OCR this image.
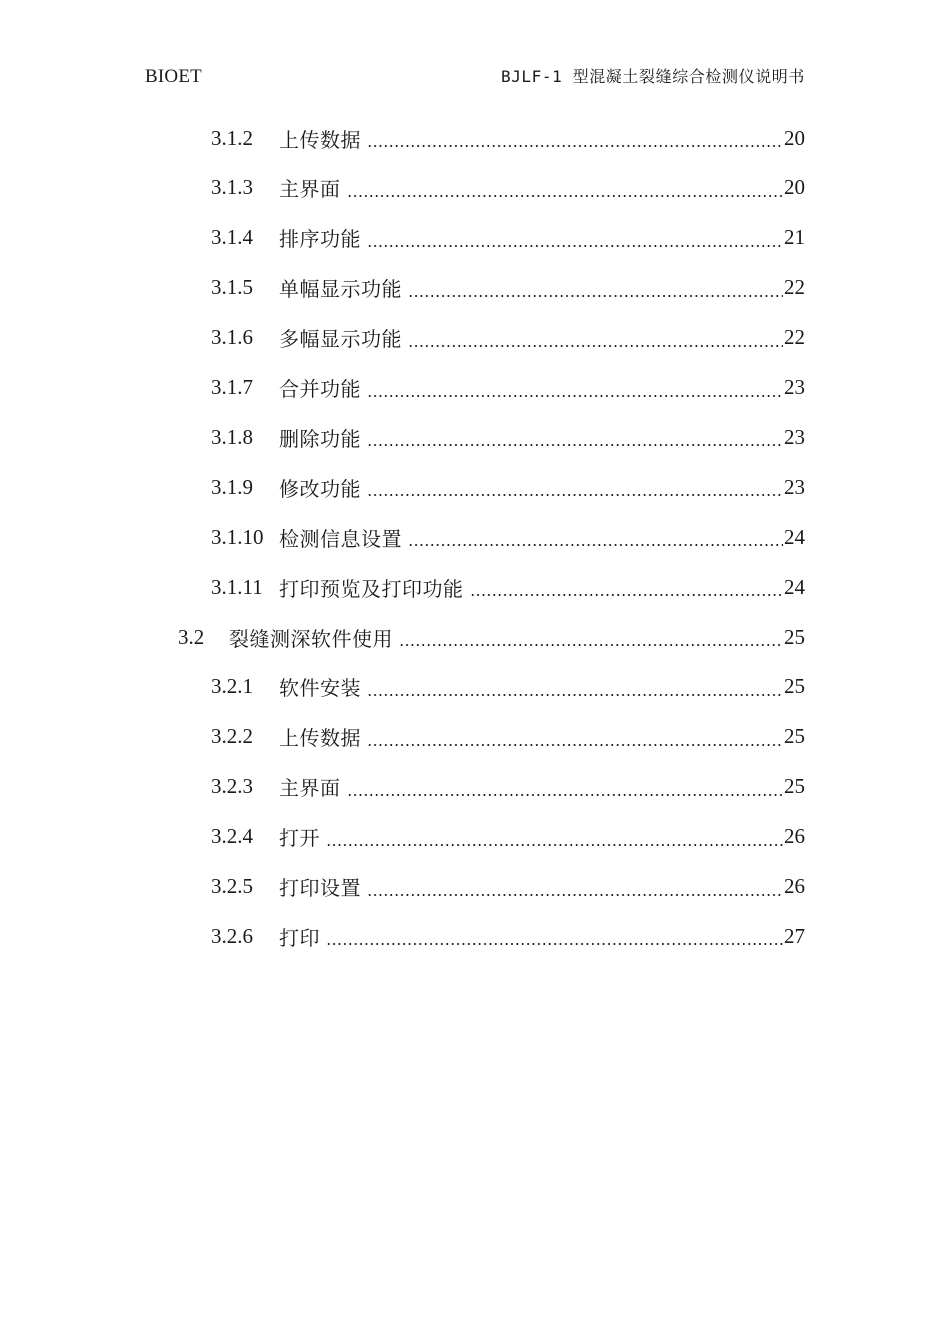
BIOET	BJLF-1 型混凝土裂缝综合检测仪说明书
3.1.2	上传数据	20
3.1.3	主界面	20
3.1.4	排序功能	21
3.1.5	单幅显示功能	22
3.1.6	多幅显示功能	22
3.1.7	合并功能	23
3.1.8	删除功能	23
3.1.9	修改功能	23
3.1.10 检测信息设置	24
3.1.11 打印预览及打印功能	24
3.2	裂缝测深软件使用	25
3.2.1	软件安装	25
3.2.2	上传数据	25
3.2.3	主界面	25
3.2.4	打开	26
3.2.5	打印设置	26
3.2.6	打印	27
